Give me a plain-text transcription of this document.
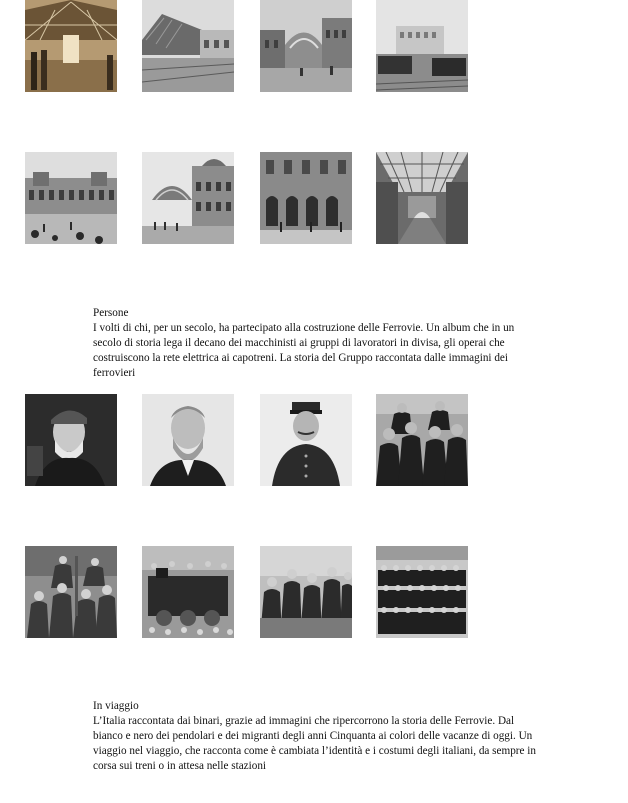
Persone
I volti di chi, per un secolo, ha partecipato alla costruzione delle Ferrovie. Un album che in un secolo di storia lega il decano dei macchinisti ai gruppi di lavoratori in divisa, gli operai che costruiscono la rete elettrica ai capotreni. La storia del Gruppo raccontata dalle immagini dei ferrovieri
In viaggio
L’Italia raccontata dai binari, grazie ad immagini che ripercorrono la storia delle Ferrovie. Dal bianco e nero dei pendolari e dei migranti degli anni Cinquanta ai colori delle vacanze di oggi. Un viaggio nel viaggio, che racconta come è cambiata l’identità e i costumi degli italiani, da sempre in corsa sui treni o in attesa nelle stazioni
